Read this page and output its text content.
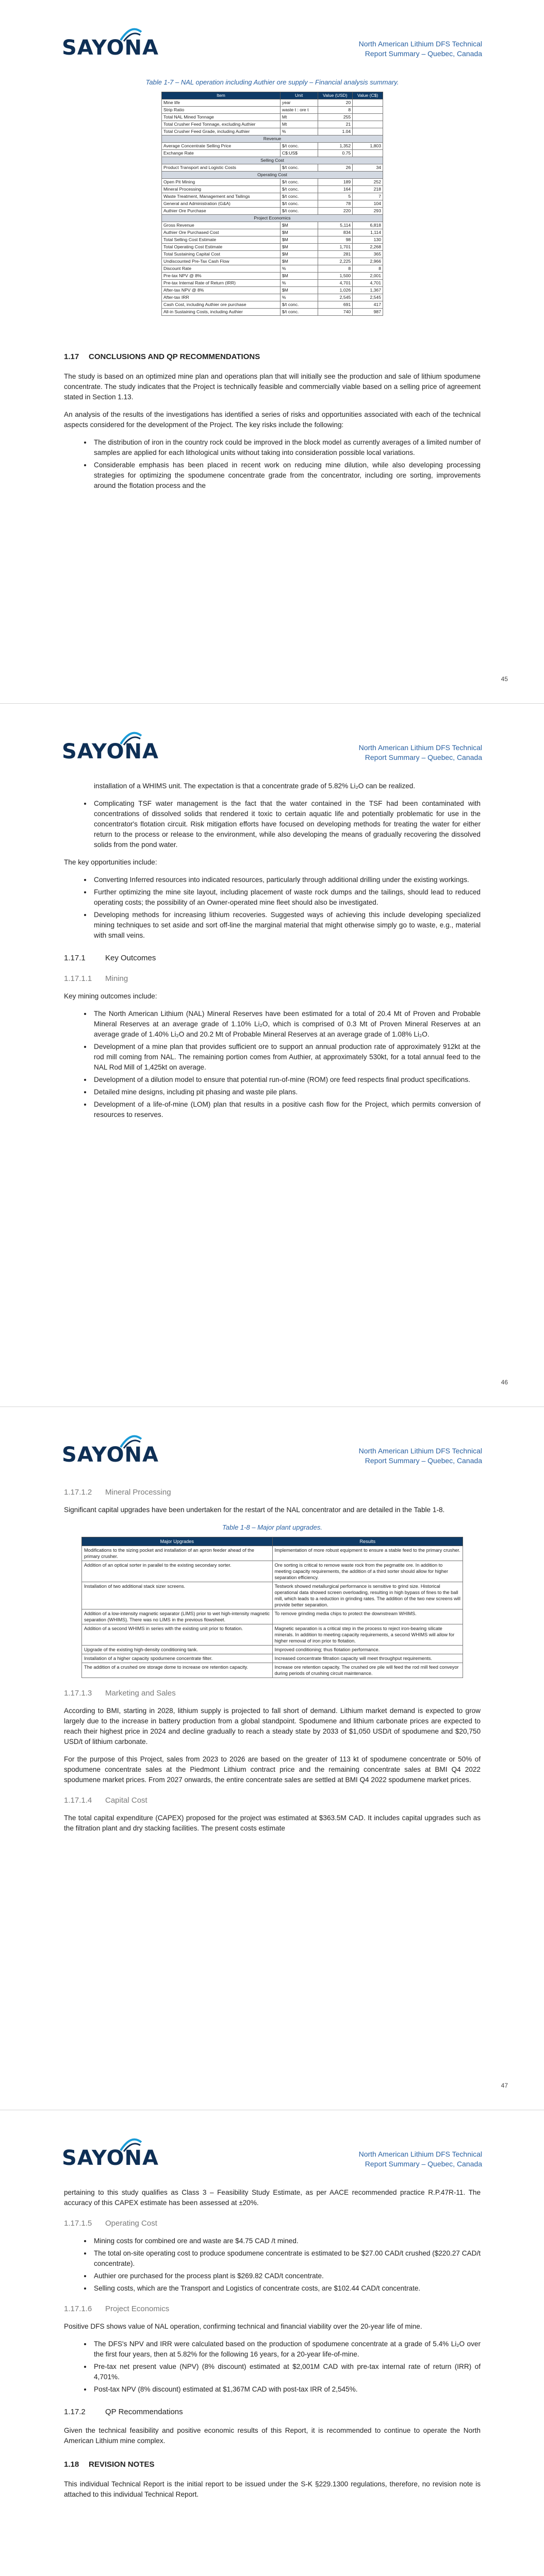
SAYONA	North American Lithium DFS Technical
Report Summary – Quebec, Canada
Table 1-7 – NAL operation including Authier ore supply – Financial analysis summary.
Item	Unit	Value (USD)	Value (C$)
Mine life	year	20	
Strip Ratio	waste t : ore t	8	
Total NAL Mined Tonnage	Mt	255	
Total Crusher Feed Tonnage, excluding Authier	Mt	21	
Total Crusher Feed Grade, including Authier	%	1.04	
Revenue			
Average Concentrate Selling Price	$/t conc.	1,352	1,803
Exchange Rate	C$:US$	0.75	
Selling Cost			
Product Transport and Logistic Costs	$/t conc.	26	34
Operating Cost			
Open Pit Mining	$/t conc.	189	252
Mineral Processing	$/t conc.	164	218
Waste Treatment, Management and Tailings	$/t conc.	5	7
General and Administration (G&A)	$/t conc.	78	104
Authier Ore Purchase	$/t conc.	220	293
Project Economics			
Gross Revenue	$M	5,114	6,818
Authier Ore Purchased Cost	$M	834	1,114
Total Selling Cost Estimate	$M	98	130
Total Operating Cost Estimate	$M	1,701	2,268
Total Sustaining Capital Cost	$M	281	365
Undiscounted Pre-Tax Cash Flow	$M	2,225	2,966
Discount Rate	%	8	8
Pre-tax NPV @ 8%	$M	1,500	2,001
Pre-tax Internal Rate of Return (IRR)	%	4,701	4,701
After-tax NPV @ 8%	$M	1,026	1,367
After-tax IRR	%	2,545	2,545
Cash Cost, including Authier ore purchase	$/t conc.	691	417
All-in Sustaining Costs, including Authier	$/t conc.	740	987
1.17 CONCLUSIONS AND QP RECOMMENDATIONS

The study is based on an optimized mine plan and operations plan that will initially see the production and sale of lithium spodumene concentrate. The study indicates that the Project is technically feasible and commercially viable based on a selling price of agreement stated in Section 1.13.

An analysis of the results of the investigations has identified a series of risks and opportunities associated with each of the technical aspects considered for the development of the Project. The key risks include the following:

• The distribution of iron in the country rock could be improved in the block model as currently averages of a limited number of samples are applied for each lithological units without taking into consideration possible local variations.
• Considerable emphasis has been placed in recent work on reducing mine dilution, while also developing processing strategies for optimizing the spodumene concentrate grade from the concentrator, including ore sorting, improvements around the flotation process and the
45
SAYONA	North American Lithium DFS Technical
Report Summary – Quebec, Canada
installation of a WHIMS unit. The expectation is that a concentrate grade of 5.82% Li₂O can be realized.
• Complicating TSF water management is the fact that the water contained in the TSF had been contaminated with concentrations of dissolved solids that rendered it toxic to certain aquatic life and potentially problematic for use in the concentrator's flotation circuit. Risk mitigation efforts have focused on developing methods for treating the water for either return to the process or release to the environment, while also developing the means of gradually recovering the dissolved solids from the pond water.

The key opportunities include:

• Converting Inferred resources into indicated resources, particularly through additional drilling under the existing workings.
• Further optimizing the mine site layout, including placement of waste rock dumps and the tailings, should lead to reduced operating costs; the possibility of an Owner-operated mine fleet should also be investigated.
• Developing methods for increasing lithium recoveries. Suggested ways of achieving this include developing specialized mining techniques to set aside and sort off-line the marginal material that might otherwise simply go to waste, e.g., material with small veins.
1.17.1	Key Outcomes
1.17.1.1 Mining

Key mining outcomes include:

• The North American Lithium (NAL) Mineral Reserves have been estimated for a total of 20.4 Mt of Proven and Probable Mineral Reserves at an average grade of 1.10% Li₂O, which is comprised of 0.3 Mt of Proven Mineral Reserves at an average grade of 1.40% Li₂O and 20.2 Mt of Probable Mineral Reserves at an average grade of 1.08% Li₂O.
• Development of a mine plan that provides sufficient ore to support an annual production rate of approximately 912kt at the rod mill coming from NAL. The remaining portion comes from Authier, at approximately 530kt, for a total annual feed to the NAL Rod Mill of 1,425kt on average.
• Development of a dilution model to ensure that potential run-of-mine (ROM) ore feed respects final product specifications.
• Detailed mine designs, including pit phasing and waste pile plans.
• Development of a life-of-mine (LOM) plan that results in a positive cash flow for the Project, which permits conversion of resources to reserves.
46
SAYONA	North American Lithium DFS Technical
Report Summary – Quebec, Canada
1.17.1.2 Mineral Processing

Significant capital upgrades have been undertaken for the restart of the NAL concentrator and are detailed in the Table 1-8.

Table 1-8 – Major plant upgrades.
Major Upgrades	Results
Modifications to the sizing pocket and installation of an apron feeder ahead of the primary crusher.	Implementation of more robust equipment to ensure a stable feed to the primary crusher.
Addition of an optical sorter in parallel to the existing secondary sorter.	Ore sorting is critical to remove waste rock from the pegmatite ore. In addition to meeting capacity requirements, the addition of a third sorter should allow for higher separation efficiency.
Installation of two additional stack sizer screens.	Testwork showed metallurgical performance is sensitive to grind size. Historical operational data showed screen overloading, resulting in high bypass of fines to the ball mill, which leads to a reduction in grinding rates. The addition of the two new screens will provide better separation.
Addition of a low-intensity magnetic separator (LIMS) prior to wet high-intensity magnetic separation (WHIMS). There was no LIMS in the previous flowsheet.	To remove grinding media chips to protect the downstream WHIMS.
Addition of a second WHIMS in series with the existing unit prior to flotation.	Magnetic separation is a critical step in the process to reject iron-bearing silicate minerals. In addition to meeting capacity requirements, a second WHIMS will allow for higher removal of iron prior to flotation.
Upgrade of the existing high-density conditioning tank.	Improved conditioning; thus flotation performance.
Installation of a higher capacity spodumene concentrate filter.	Increased concentrate filtration capacity will meet throughput requirements.
The addition of a crushed ore storage dome to increase ore retention capacity.	Increase ore retention capacity. The crushed ore pile will feed the rod mill feed conveyor during periods of crushing circuit maintenance.
1.17.1.3 Marketing and Sales

According to BMI, starting in 2028, lithium supply is projected to fall short of demand. Lithium market demand is expected to grow largely due to the increase in battery production from a global standpoint. Spodumene and lithium carbonate prices are expected to reach their highest price in 2024 and decline gradually to reach a steady state by 2033 of $1,050 USD/t of spodumene and $20,750 USD/t of lithium carbonate.

For the purpose of this Project, sales from 2023 to 2026 are based on the greater of 113 kt of spodumene concentrate or 50% of spodumene concentrate sales at the Piedmont Lithium contract price and the remaining concentrate sales at BMI Q4 2022 spodumene market prices. From 2027 onwards, the entire concentrate sales are settled at BMI Q4 2022 spodumene market prices.

1.17.1.4 Capital Cost

The total capital expenditure (CAPEX) proposed for the project was estimated at $363.5M CAD. It includes capital upgrades such as the filtration plant and dry stacking facilities. The present costs estimate

47
SAYONA	North American Lithium DFS Technical
Report Summary – Quebec, Canada

pertaining to this study qualifies as Class 3 – Feasibility Study Estimate, as per AACE recommended practice R.P.47R-11. The accuracy of this CAPEX estimate has been assessed at ±20%.

1.17.1.5 Operating Cost
• Mining costs for combined ore and waste are $4.75 CAD /t mined.
• The total on-site operating cost to produce spodumene concentrate is estimated to be $27.00 CAD/t crushed ($220.27 CAD/t concentrate).
• Authier ore purchased for the process plant is $269.82 CAD/t concentrate.
• Selling costs, which are the Transport and Logistics of concentrate costs, are $102.44 CAD/t concentrate.
1.17.1.6 Project Economics

Positive DFS shows value of NAL operation, confirming technical and financial viability over the 20-year life of mine.

• The DFS's NPV and IRR were calculated based on the production of spodumene concentrate at a grade of 5.4% Li₂O over the first four years, then at 5.82% for the following 16 years, for a 20-year life-of-mine.
• Pre-tax net present value (NPV) (8% discount) estimated at $2,001M CAD with pre-tax internal rate of return (IRR) of 4,701%.
• Post-tax NPV (8% discount) estimated at $1,367M CAD with post-tax IRR of 2,545%.
1.17.2	QP Recommendations

Given the technical feasibility and positive economic results of this Report, it is recommended to continue to operate the North American Lithium mine complex.

1.18 REVISION NOTES

This individual Technical Report is the initial report to be issued under the S-K §229.1300 regulations, therefore, no revision note is attached to this individual Technical Report.
